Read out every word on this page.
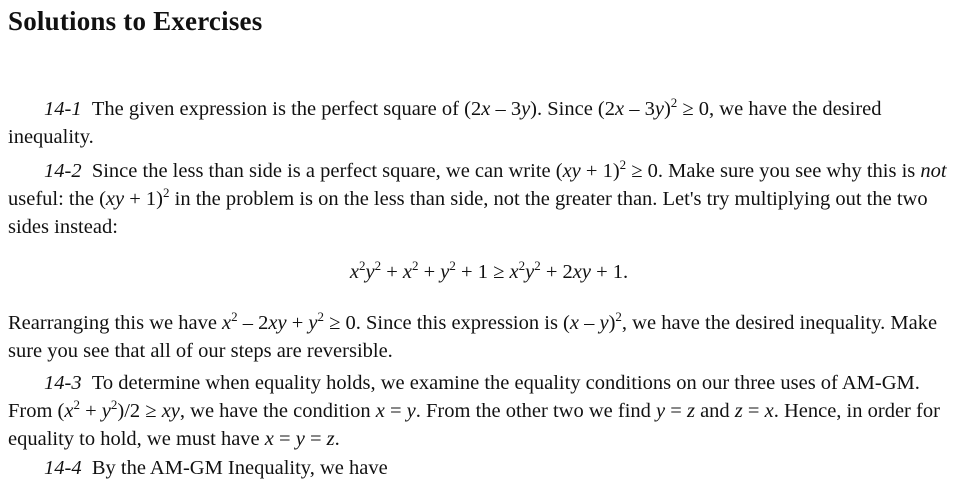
Solutions to Exercises

14-1 The given expression is the perfect square of (2x – 3y). Since (2x – 3y)$^2$ ≥ 0, we have the desired inequality.

14-2 Since the less than side is a perfect square, we can write (xy + 1)$^2$ ≥ 0. Make sure you see why this is not useful: the (xy + 1)$^2$ in the problem is on the less than side, not the greater than. Let's try multiplying out the two sides instead:

$x^2y^2 + x^2 + y^2 + 1 \ge x^2y^2 + 2xy + 1$.

Rearranging this we have $x^2 - 2xy + y^2 \ge 0$. Since this expression is (x – y)$^2$, we have the desired inequality. Make sure you see that all of our steps are reversible.

14-3 To determine when equality holds, we examine the equality conditions on our three uses of AM-GM. From $(x^2 + y^2)/2$ ≥ xy, we have the condition x = y. From the other two we find y = z and z = x. Hence, in order for equality to hold, we must have x = y = z.

14-4 By the AM-GM Inequality, we have
